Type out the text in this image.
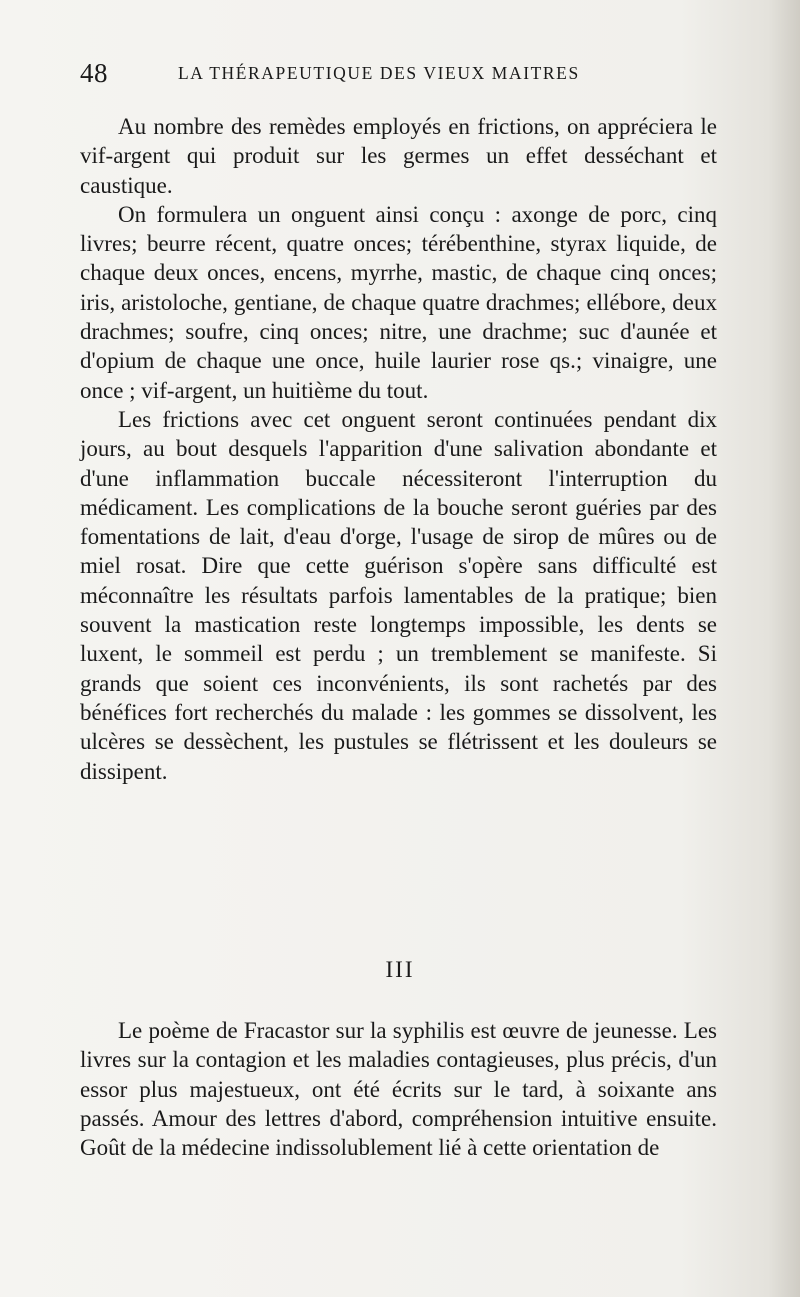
48	LA THÉRAPEUTIQUE DES VIEUX MAITRES

Au nombre des remèdes employés en frictions, on appréciera le vif-argent qui produit sur les germes un effet desséchant et caustique.

On formulera un onguent ainsi conçu : axonge de porc, cinq livres; beurre récent, quatre onces; térébenthine, styrax liquide, de chaque deux onces, encens, myrrhe, mastic, de chaque cinq onces; iris, aristoloche, gentiane, de chaque quatre drachmes; ellébore, deux drachmes; soufre, cinq onces; nitre, une drachme; suc d'aunée et d'opium de chaque une once, huile laurier rose qs.; vinaigre, une once ; vif-argent, un huitième du tout.

Les frictions avec cet onguent seront continuées pendant dix jours, au bout desquels l'apparition d'une salivation abondante et d'une inflammation buccale nécessiteront l'interruption du médicament. Les complications de la bouche seront guéries par des fomentations de lait, d'eau d'orge, l'usage de sirop de mûres ou de miel rosat. Dire que cette guérison s'opère sans difficulté est méconnaître les résultats parfois lamentables de la pratique; bien souvent la mastication reste longtemps impossible, les dents se luxent, le sommeil est perdu ; un tremblement se manifeste. Si grands que soient ces inconvénients, ils sont rachetés par des bénéfices fort recherchés du malade : les gommes se dissolvent, les ulcères se dessèchent, les pustules se flétrissent et les douleurs se dissipent.

III

Le poème de Fracastor sur la syphilis est œuvre de jeunesse. Les livres sur la contagion et les maladies contagieuses, plus précis, d'un essor plus majestueux, ont été écrits sur le tard, à soixante ans passés. Amour des lettres d'abord, compréhension intuitive ensuite. Goût de la médecine indissolublement lié à cette orientation de
